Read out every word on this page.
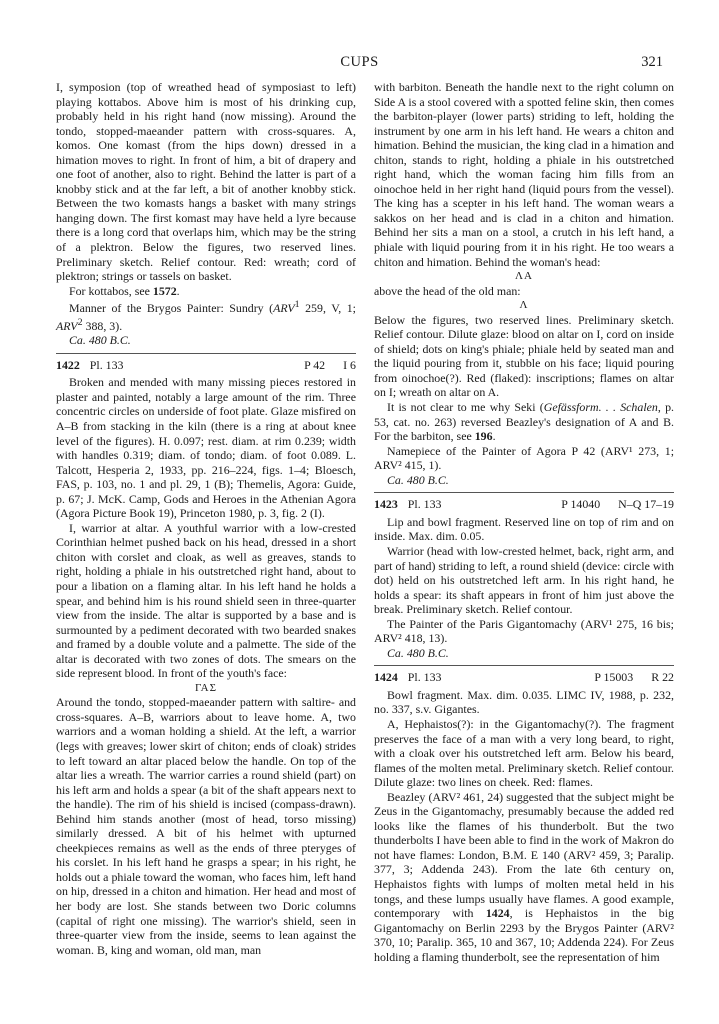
CUPS	321

I, symposion (top of wreathed head of symposiast to left) playing kottabos. Above him is most of his drinking cup, probably held in his right hand (now missing). Around the tondo, stopped-maeander pattern with cross-squares. A, komos. One komast (from the hips down) dressed in a himation moves to right. In front of him, a bit of drapery and one foot of another, also to right. Behind the latter is part of a knobby stick and at the far left, a bit of another knobby stick. Between the two komasts hangs a basket with many strings hanging down. The first komast may have held a lyre because there is a long cord that overlaps him, which may be the string of a plektron. Below the figures, two reserved lines. Preliminary sketch. Relief contour. Red: wreath; cord of plektron; strings or tassels on basket.

For kottabos, see 1572.

Manner of the Brygos Painter: Sundry (ARV$^1$ 259, V, 1; ARV$^2$ 388, 3).

Ca. 480 B.C.

1422 Pl. 133	P 42 I 6

Broken and mended with many missing pieces restored in plaster and painted, notably a large amount of the rim. Three concentric circles on underside of foot plate. Glaze misfired on A–B from stacking in the kiln (there is a ring at about knee level of the figures). H. 0.097; rest. diam. at rim 0.239; width with handles 0.319; diam. of tondo; diam. of foot 0.089. L. Talcott, Hesperia 2, 1933, pp. 216–224, figs. 1–4; Bloesch, FAS, p. 103, no. 1 and pl. 29, 1 (B); Themelis, Agora: Guide, p. 67; J. McK. Camp, Gods and Heroes in the Athenian Agora (Agora Picture Book 19), Princeton 1980, p. 3, fig. 2 (I).

I, warrior at altar. A youthful warrior with a low-crested Corinthian helmet pushed back on his head, dressed in a short chiton with corslet and cloak, as well as greaves, stands to right, holding a phiale in his outstretched right hand, about to pour a libation on a flaming altar. In his left hand he holds a spear, and behind him is his round shield seen in three-quarter view from the inside. The altar is supported by a base and is surmounted by a pediment decorated with two bearded snakes and framed by a double volute and a palmette. The side of the altar is decorated with two zones of dots. The smears on the side represent blood. In front of the youth's face:

ΓΑΣ

Around the tondo, stopped-maeander pattern with saltire- and cross-squares. A–B, warriors about to leave home. A, two warriors and a woman holding a shield. At the left, a warrior (legs with greaves; lower skirt of chiton; ends of cloak) strides to left toward an altar placed below the handle. On top of the altar lies a wreath. The warrior carries a round shield (part) on his left arm and holds a spear (a bit of the shaft appears next to the handle). The rim of his shield is incised (compass-drawn). Behind him stands another (most of head, torso missing) similarly dressed. A bit of his helmet with upturned cheekpieces remains as well as the ends of three pteryges of his corslet. In his left hand he grasps a spear; in his right, he holds out a phiale toward the woman, who faces him, left hand on hip, dressed in a chiton and himation. Her head and most of her body are lost. She stands between two Doric columns (capital of right one missing). The warrior's shield, seen in three-quarter view from the inside, seems to lean against the woman. B, king and woman, old man, man

with barbiton. Beneath the handle next to the right column on Side A is a stool covered with a spotted feline skin, then comes the barbiton-player (lower parts) striding to left, holding the instrument by one arm in his left hand. He wears a chiton and himation. Behind the musician, the king clad in a himation and chiton, stands to right, holding a phiale in his outstretched right hand, which the woman facing him fills from an oinochoe held in her right hand (liquid pours from the vessel). The king has a scepter in his left hand. The woman wears a sakkos on her head and is clad in a chiton and himation. Behind her sits a man on a stool, a crutch in his left hand, a phiale with liquid pouring from it in his right. He too wears a chiton and himation. Behind the woman's head:

ΛΑ

above the head of the old man:

Λ

Below the figures, two reserved lines. Preliminary sketch. Relief contour. Dilute glaze: blood on altar on I, cord on inside of shield; dots on king's phiale; phiale held by seated man and the liquid pouring from it, stubble on his face; liquid pouring from oinochoe(?). Red (flaked): inscriptions; flames on altar on I; wreath on altar on A.

It is not clear to me why Seki (Gefässform. . . Schalen, p. 53, cat. no. 263) reversed Beazley's designation of A and B. For the barbiton, see 196.

Namepiece of the Painter of Agora P 42 (ARV¹ 273, 1; ARV² 415, 1).

Ca. 480 B.C.

1423 Pl. 133	P 14040 N–Q 17–19

Lip and bowl fragment. Reserved line on top of rim and on inside. Max. dim. 0.05.

Warrior (head with low-crested helmet, back, right arm, and part of hand) striding to left, a round shield (device: circle with dot) held on his outstretched left arm. In his right hand, he holds a spear: its shaft appears in front of him just above the break. Preliminary sketch. Relief contour.

The Painter of the Paris Gigantomachy (ARV¹ 275, 16 bis; ARV² 418, 13).

Ca. 480 B.C.

1424 Pl. 133	P 15003 R 22

Bowl fragment. Max. dim. 0.035. LIMC IV, 1988, p. 232, no. 337, s.v. Gigantes.

A, Hephaistos(?): in the Gigantomachy(?). The fragment preserves the face of a man with a very long beard, to right, with a cloak over his outstretched left arm. Below his beard, flames of the molten metal. Preliminary sketch. Relief contour. Dilute glaze: two lines on cheek. Red: flames.

Beazley (ARV² 461, 24) suggested that the subject might be Zeus in the Gigantomachy, presumably because the added red looks like the flames of his thunderbolt. But the two thunderbolts I have been able to find in the work of Makron do not have flames: London, B.M. E 140 (ARV² 459, 3; Paralip. 377, 3; Addenda 243). From the late 6th century on, Hephaistos fights with lumps of molten metal held in his tongs, and these lumps usually have flames. A good example, contemporary with 1424, is Hephaistos in the big Gigantomachy on Berlin 2293 by the Brygos Painter (ARV² 370, 10; Paralip. 365, 10 and 367, 10; Addenda 224). For Zeus holding a flaming thunderbolt, see the representation of him
